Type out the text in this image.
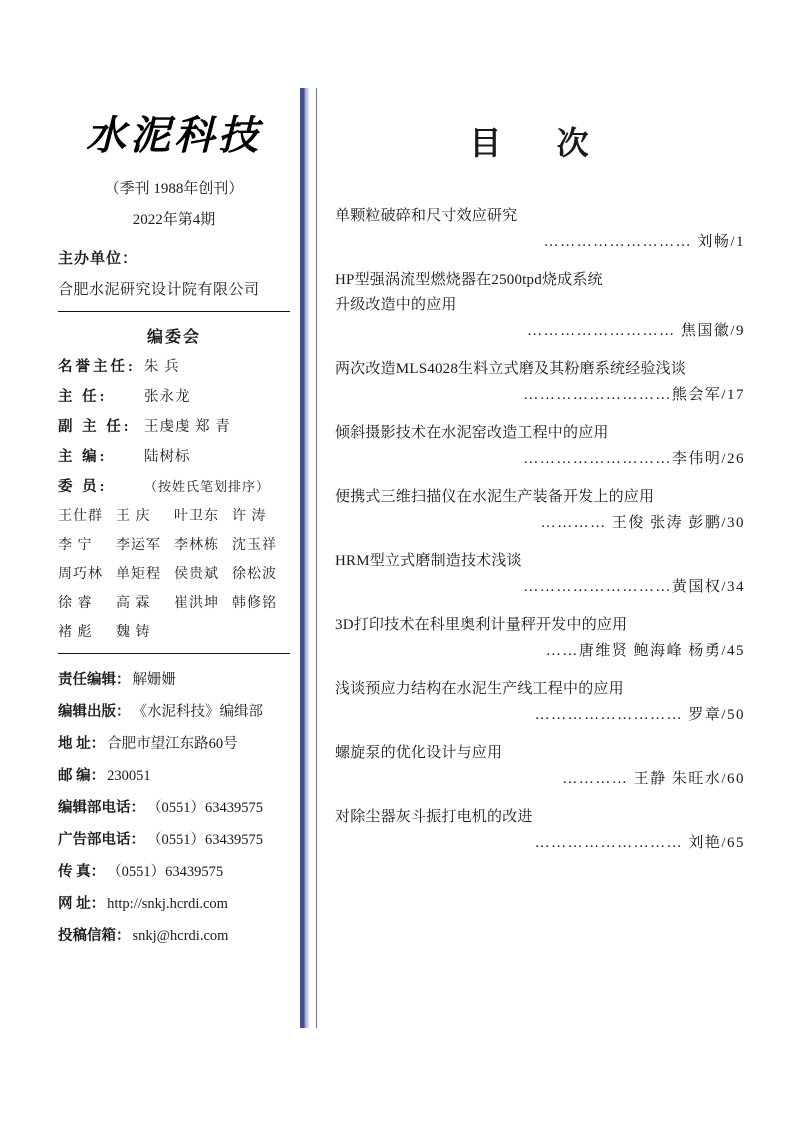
水泥科技
（季刊 1988年创刊）
2022年第4期
主办单位：
合肥水泥研究设计院有限公司
编委会
名誉主任: 朱 兵
主 任:	张永龙
副 主 任: 王虔虔 郑 青
主 编:	陆树标
委 员:	（按姓氏笔划排序）
王仕群 王 庆	叶卫东 许 涛
李 宁	李运军 李林栋 沈玉祥
周巧林 单矩程 侯贵斌 徐松波
徐 睿	高 霖	崔洪坤 韩修铭
褚 彪	魏 铸
责任编辑： 解姗姗
编辑出版： 《水泥科技》编缉部
地 址： 合肥市望江东路60号
邮 编： 230051
编辑部电话： （0551）63439575
广告部电话： （0551）63439575
传 真： （0551）63439575
网 址： http://snkj.hcrdi.com
投稿信箱： snkj@hcrdi.com
目 次
单颗粒破碎和尺寸效应研究
……………………… 刘畅/1
HP型强涡流型燃烧器在2500tpd烧成系统
升级改造中的应用
……………………… 焦国徽/9
两次改造MLS4028生料立式磨及其粉磨系统经验浅谈
………………………熊会军/17
倾斜摄影技术在水泥窑改造工程中的应用
………………………李伟明/26
便携式三维扫描仪在水泥生产装备开发上的应用
………… 王俊 张涛 彭鹏/30
HRM型立式磨制造技术浅谈
………………………黄国权/34
3D打印技术在科里奥利计量秤开发中的应用
……唐维贤 鲍海峰 杨勇/45
浅谈预应力结构在水泥生产线工程中的应用
……………………… 罗章/50
螺旋泵的优化设计与应用
………… 王静 朱旺水/60
对除尘器灰斗振打电机的改进
……………………… 刘艳/65
